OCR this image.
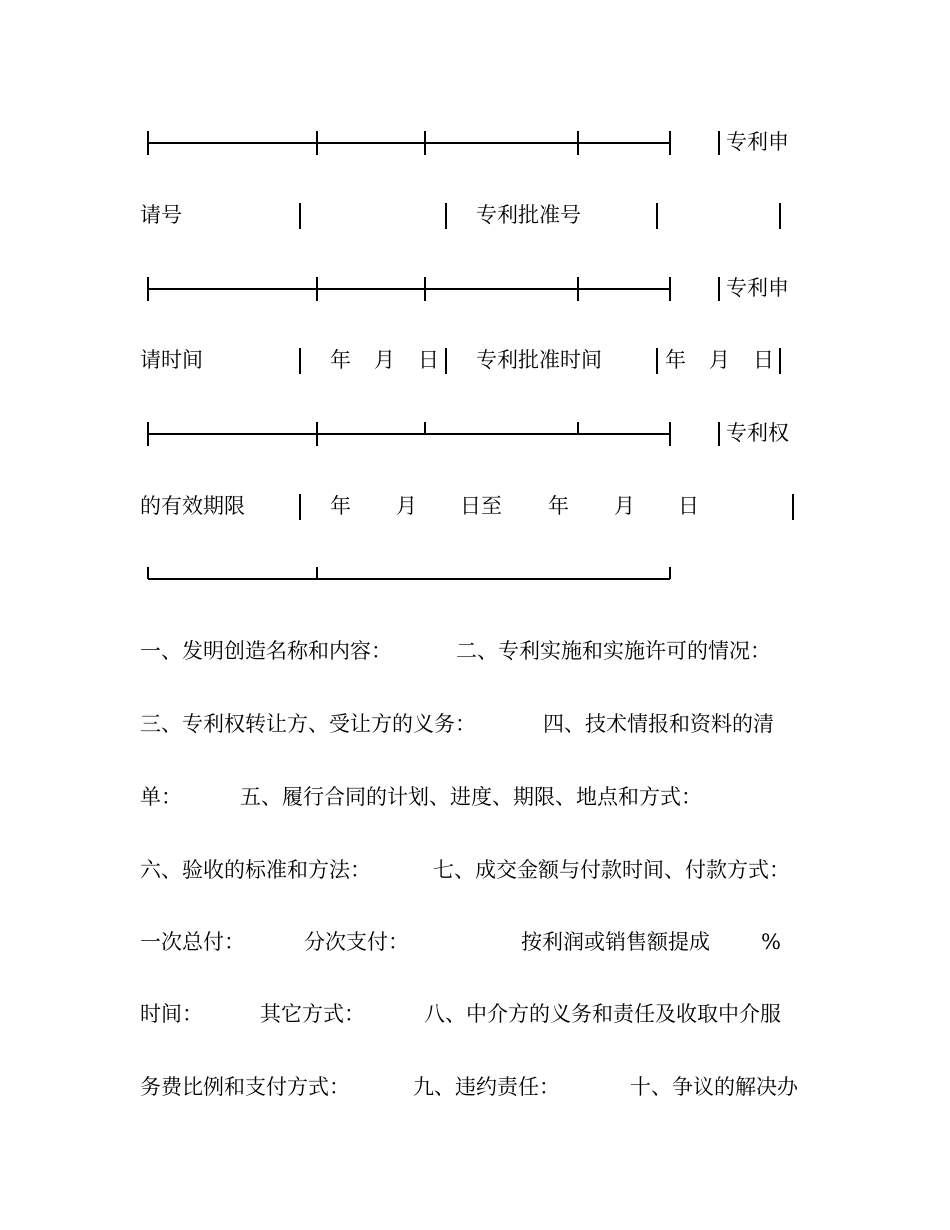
专利申
请号	专利批准号
专利申
请时间	年 月 日 专利批准时间	年 月 日
专利权
的有效期限	年 月 日至 年 月 日
一、发明创造名称和内容：	二、专利实施和实施许可的情况：
三、专利权转让方、受让方的义务：	四、技术情报和资料的清
单：	五、履行合同的计划、进度、期限、地点和方式：
六、验收的标准和方法：	七、成交金额与付款时间、付款方式：
一次总付：	分次支付：	按利润或销售额提成 %
时间：	其它方式：	八、中介方的义务和责任及收取中介服
务费比例和支付方式：	九、违约责任：	十、争议的解决办
